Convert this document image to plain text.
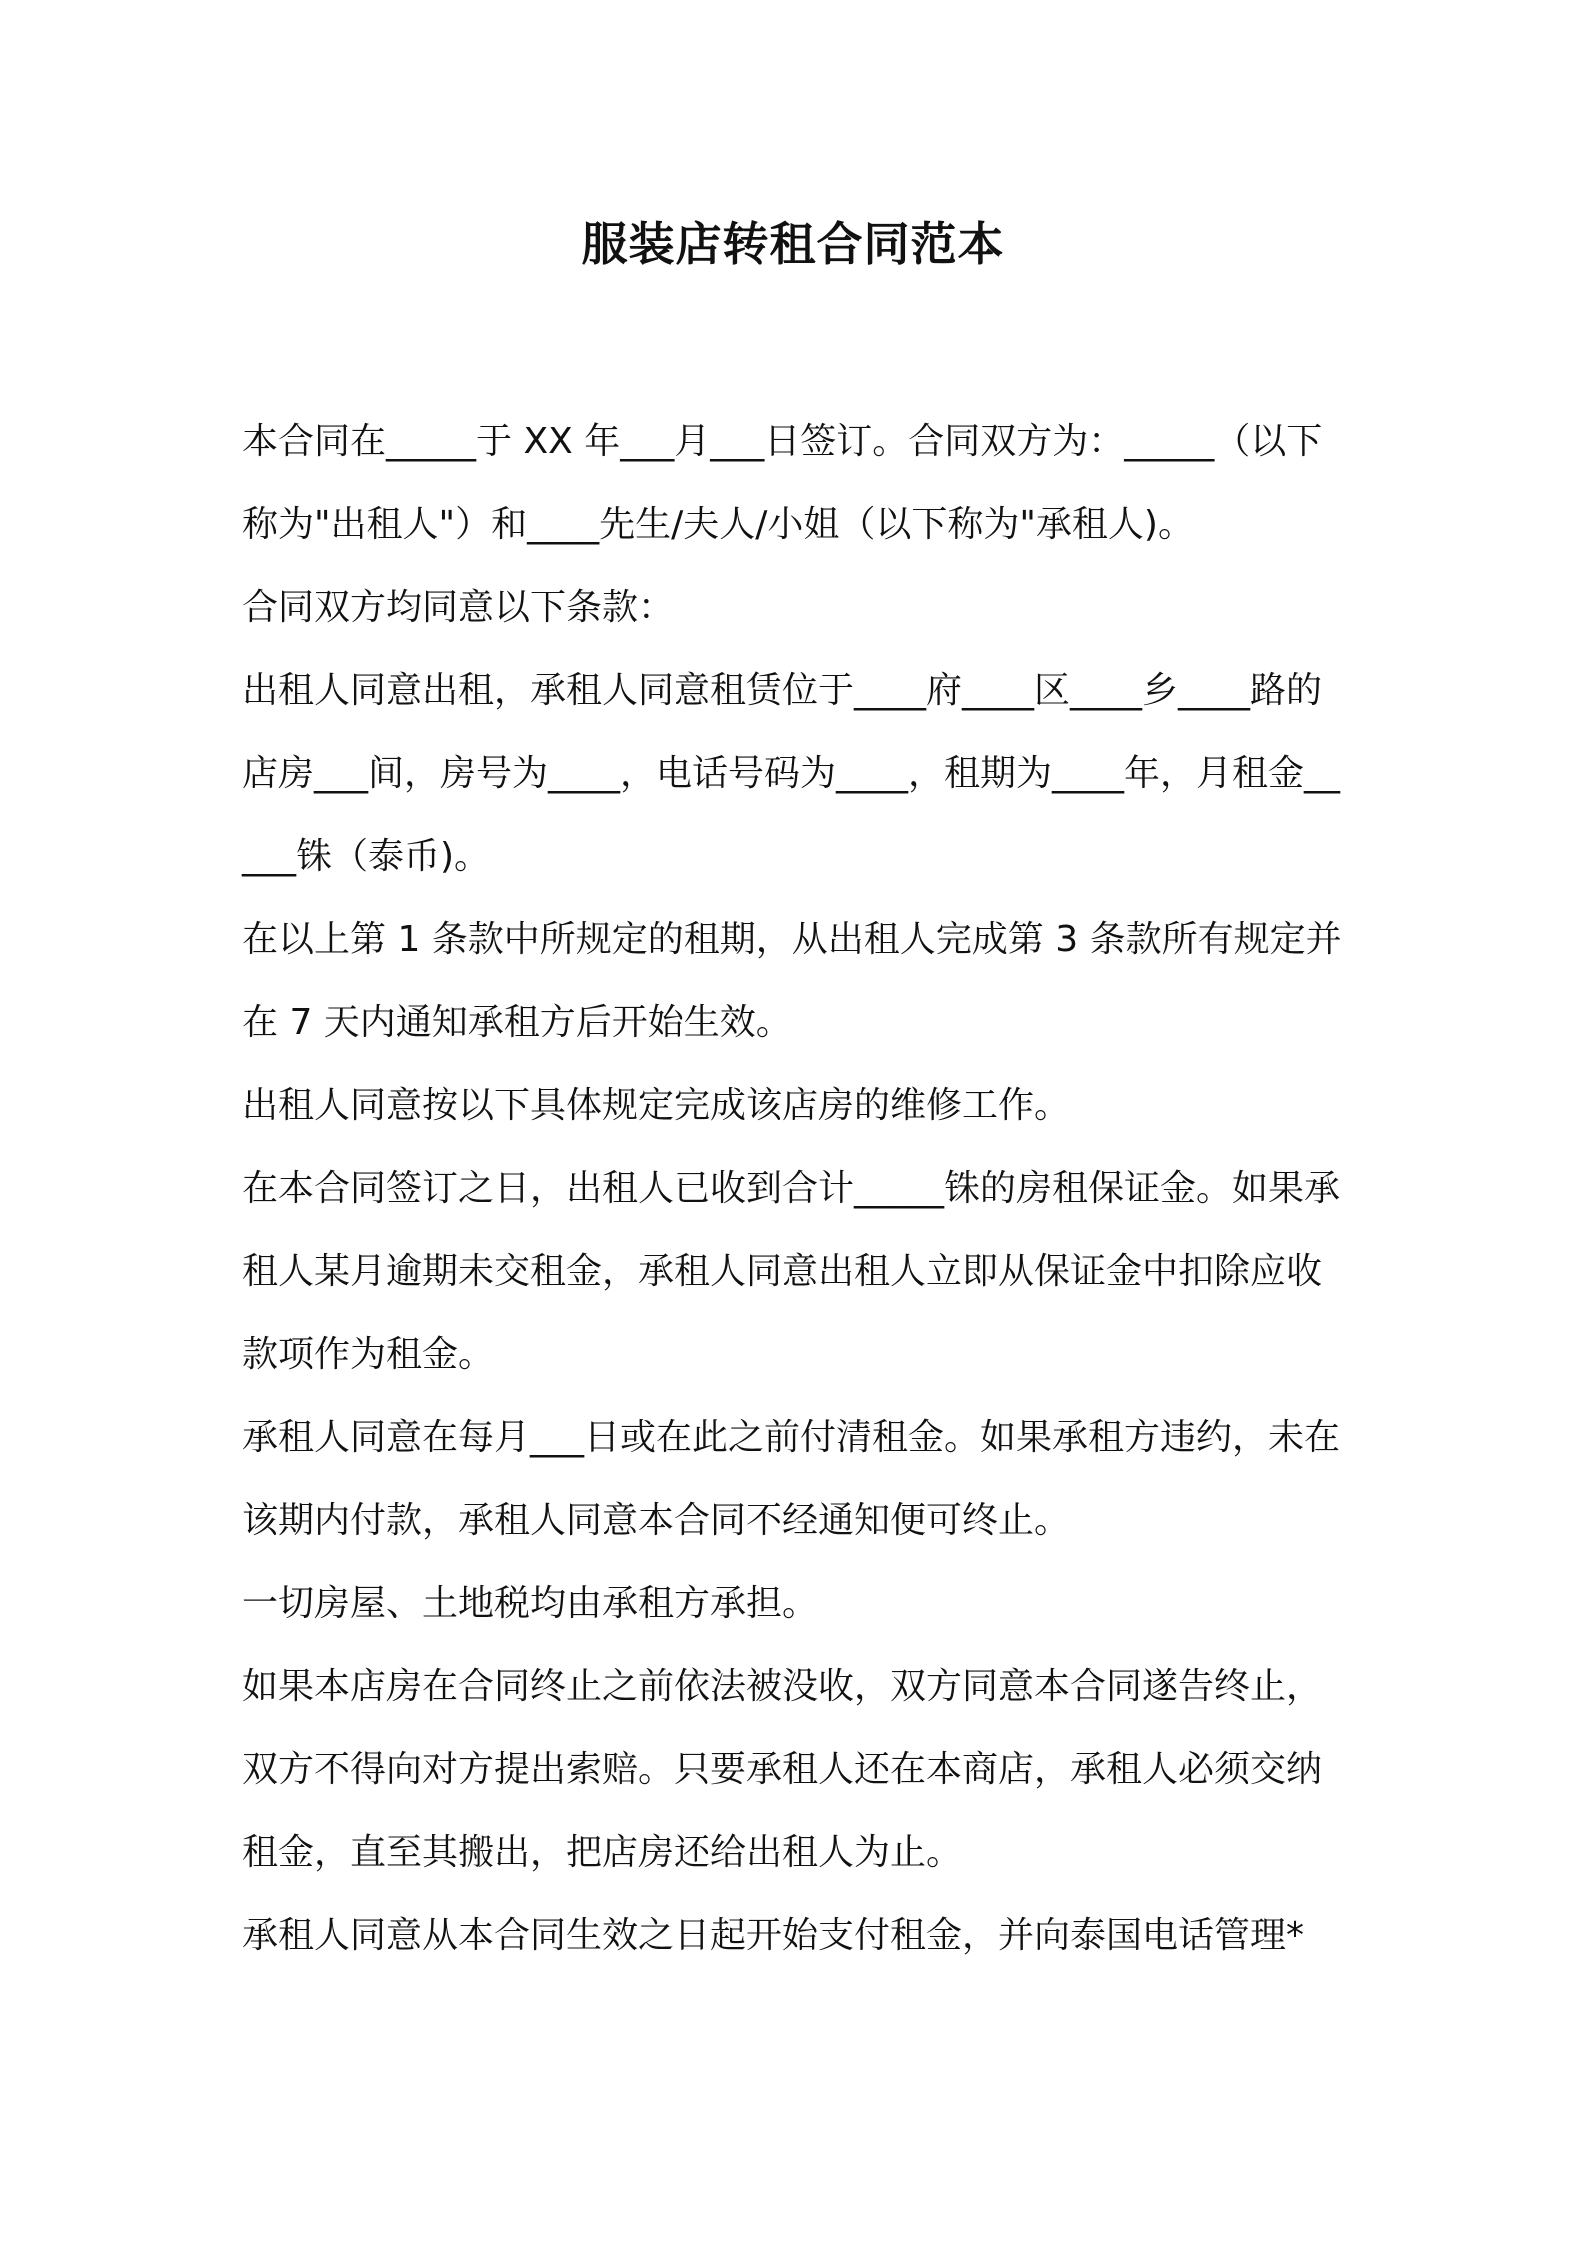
服装店转租合同范本

本合同在_____于 XX 年___月___日签订。合同双方为：_____（以下称为"出租人"）和____先生/夫人/小姐（以下称为"承租人)。

合同双方均同意以下条款：

出租人同意出租，承租人同意租赁位于____府____区____乡____路的店房___间，房号为____，电话号码为____，租期为____年，月租金_____铢（泰币)。

在以上第 1 条款中所规定的租期，从出租人完成第 3 条款所有规定并在 7 天内通知承租方后开始生效。

出租人同意按以下具体规定完成该店房的维修工作。

在本合同签订之日，出租人已收到合计_____铢的房租保证金。如果承租人某月逾期未交租金，承租人同意出租人立即从保证金中扣除应收款项作为租金。

承租人同意在每月___日或在此之前付清租金。如果承租方违约，未在该期内付款，承租人同意本合同不经通知便可终止。

一切房屋、土地税均由承租方承担。

如果本店房在合同终止之前依法被没收，双方同意本合同遂告终止，双方不得向对方提出索赔。只要承租人还在本商店，承租人必须交纳租金，直至其搬出，把店房还给出租人为止。

承租人同意从本合同生效之日起开始支付租金，并向泰国电话管理*
